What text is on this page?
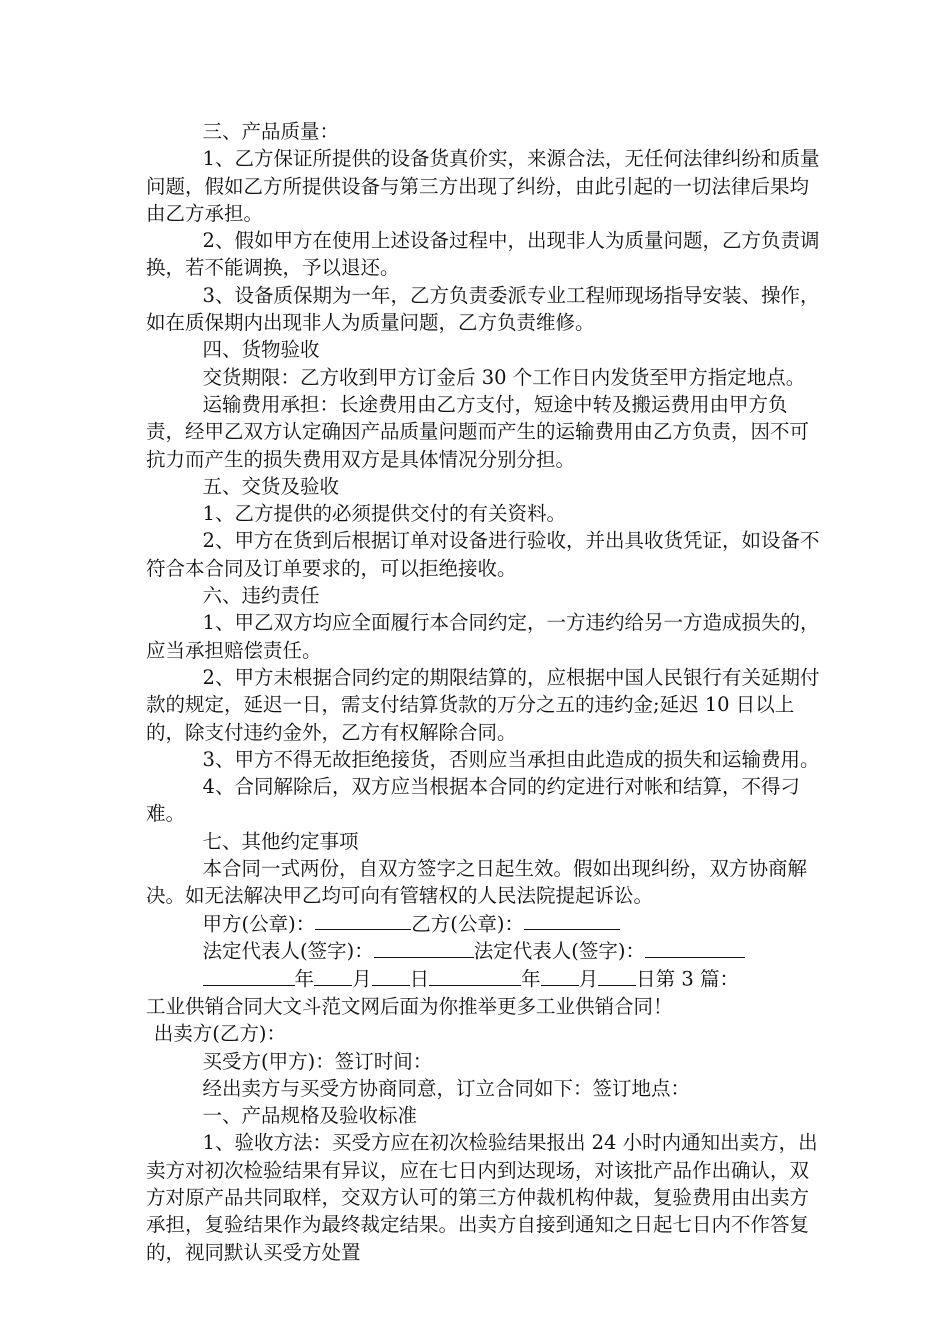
三、产品质量：

1、乙方保证所提供的设备货真价实，来源合法，无任何法律纠纷和质量问题，假如乙方所提供设备与第三方出现了纠纷，由此引起的一切法律后果均由乙方承担。

2、假如甲方在使用上述设备过程中，出现非人为质量问题，乙方负责调换，若不能调换，予以退还。

3、设备质保期为一年，乙方负责委派专业工程师现场指导安装、操作，如在质保期内出现非人为质量问题，乙方负责维修。

四、货物验收

交货期限：乙方收到甲方订金后 30 个工作日内发货至甲方指定地点。

运输费用承担：长途费用由乙方支付，短途中转及搬运费用由甲方负责，经甲乙双方认定确因产品质量问题而产生的运输费用由乙方负责，因不可抗力而产生的损失费用双方是具体情况分别分担。

五、交货及验收

1、乙方提供的必须提供交付的有关资料。

2、甲方在货到后根据订单对设备进行验收，并出具收货凭证，如设备不符合本合同及订单要求的，可以拒绝接收。

六、违约责任

1、甲乙双方均应全面履行本合同约定，一方违约给另一方造成损失的，应当承担赔偿责任。

2、甲方未根据合同约定的期限结算的，应根据中国人民银行有关延期付款的规定，延迟一日，需支付结算货款的万分之五的违约金;延迟 10 日以上的，除支付违约金外，乙方有权解除合同。

3、甲方不得无故拒绝接货，否则应当承担由此造成的损失和运输费用。

4、合同解除后，双方应当根据本合同的约定进行对帐和结算，不得刁难。

七、其他约定事项

本合同一式两份，自双方签字之日起生效。假如出现纠纷，双方协商解决。如无法解决甲乙均可向有管辖权的人民法院提起诉讼。

甲方(公章)：	乙方(公章)：

法定代表人(签字)：	法定代表人(签字)：

年 月 日	年 月 日第 3 篇：

工业供销合同大文斗范文网后面为你推举更多工业供销合同！

出卖方(乙方)：

买受方(甲方)：签订时间：

经出卖方与买受方协商同意，订立合同如下：签订地点：

一、产品规格及验收标准

1、验收方法：买受方应在初次检验结果报出 24 小时内通知出卖方，出卖方对初次检验结果有异议，应在七日内到达现场，对该批产品作出确认，双方对原产品共同取样，交双方认可的第三方仲裁机构仲裁，复验费用由出卖方承担，复验结果作为最终裁定结果。出卖方自接到通知之日起七日内不作答复的，视同默认买受方处置
